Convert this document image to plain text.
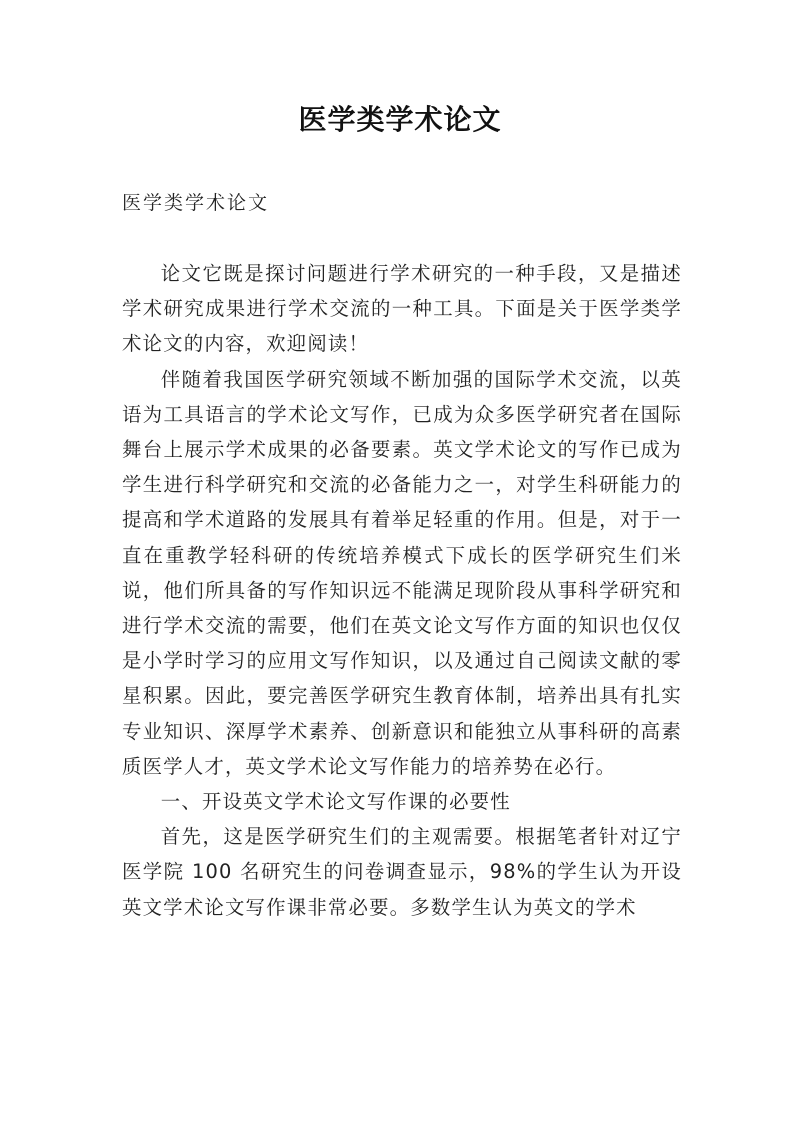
医学类学术论文
医学类学术论文

论文它既是探讨问题进行学术研究的一种手段，又是描述学术研究成果进行学术交流的一种工具。下面是关于医学类学术论文的内容，欢迎阅读！

伴随着我国医学研究领域不断加强的国际学术交流，以英语为工具语言的学术论文写作，已成为众多医学研究者在国际舞台上展示学术成果的必备要素。英文学术论文的写作已成为学生进行科学研究和交流的必备能力之一，对学生科研能力的提高和学术道路的发展具有着举足轻重的作用。但是，对于一直在重教学轻科研的传统培养模式下成长的医学研究生们米说，他们所具备的写作知识远不能满足现阶段从事科学研究和进行学术交流的需要，他们在英文论文写作方面的知识也仅仅是小学时学习的应用文写作知识，以及通过自己阅读文献的零星积累。因此，要完善医学研究生教育体制，培养出具有扎实专业知识、深厚学术素养、创新意识和能独立从事科研的高素质医学人才，英文学术论文写作能力的培养势在必行。

一、开设英文学术论文写作课的必要性

首先，这是医学研究生们的主观需要。根据笔者针对辽宁医学院 100 名研究生的问卷调查显示，98%的学生认为开设英文学术论文写作课非常必要。多数学生认为英文的学术
